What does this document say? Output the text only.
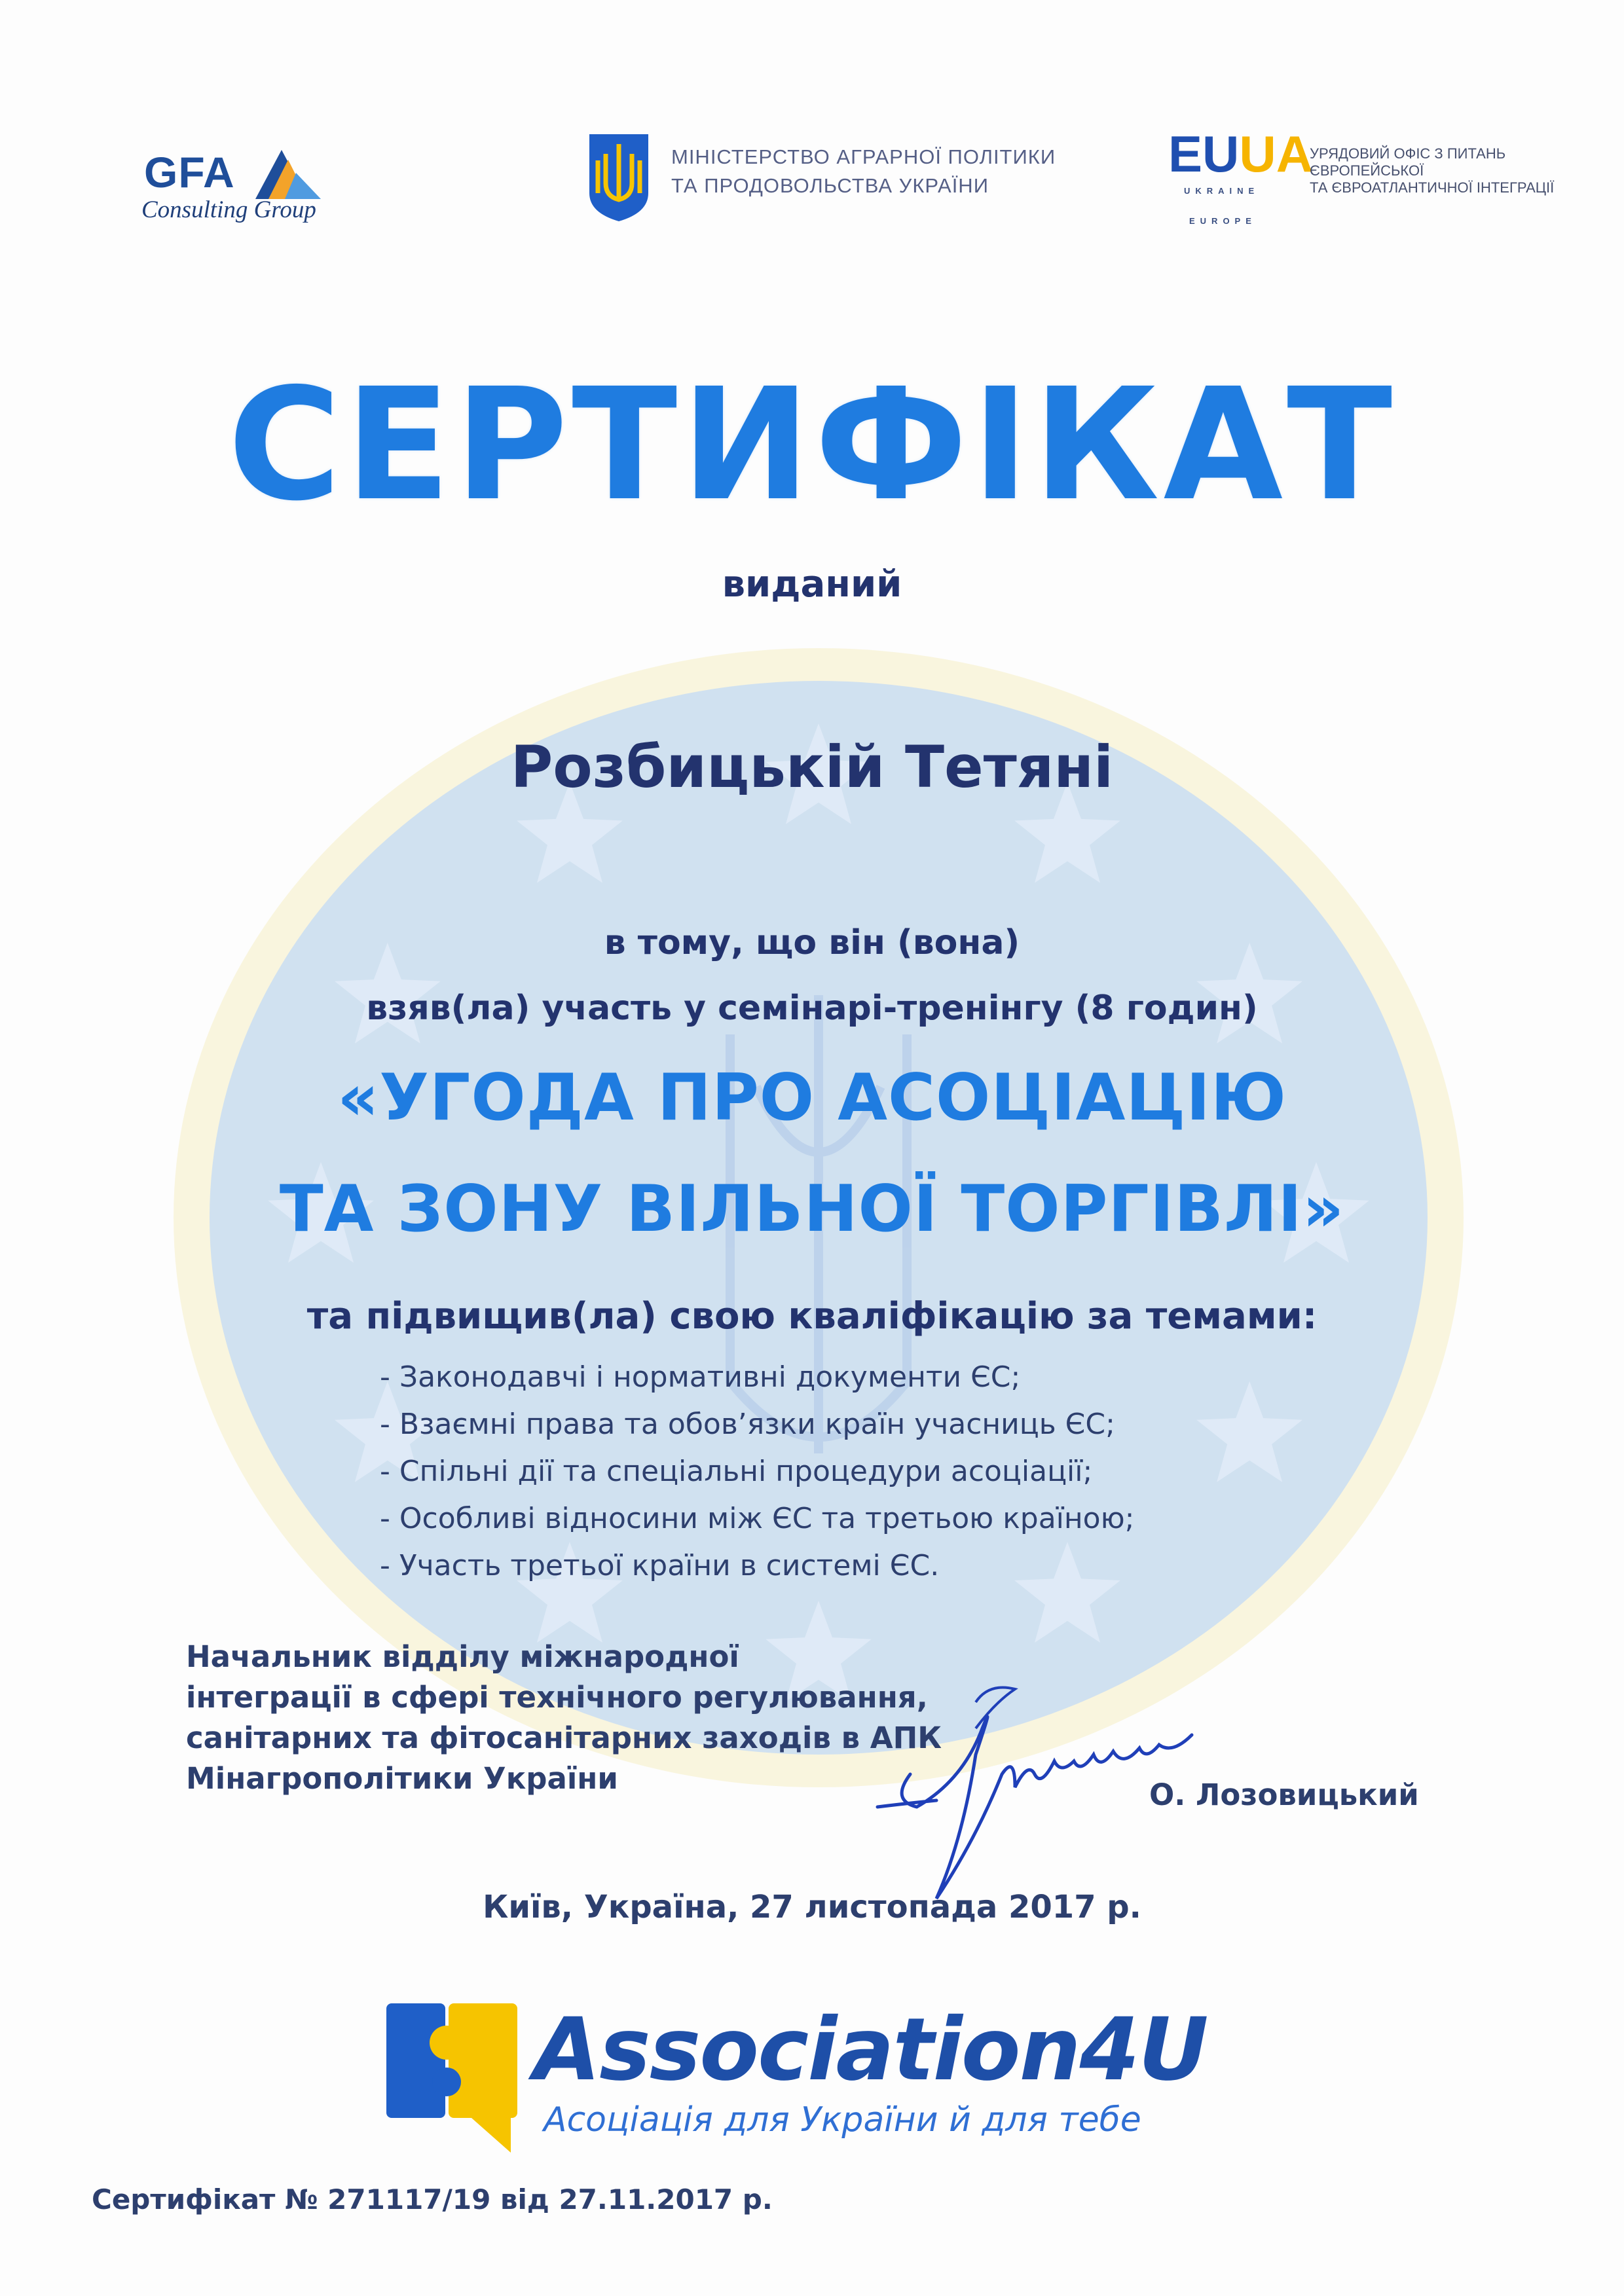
GFA
Consulting Group
МІНІСТЕРСТВО АГРАРНОЇ ПОЛІТИКИ
ТА ПРОДОВОЛЬСТВА УКРАЇНИ
EUUA
UKRAINE
EUROPE
УРЯДОВИЙ ОФІС З ПИТАНЬ
ЄВРОПЕЙСЬКОЇ
ТА ЄВРОАТЛАНТИЧНОЇ ІНТЕГРАЦІЇ
СЕРТИФІКАТ
виданий
Розбицькій Тетяні
в тому, що він (вона)
взяв(ла) участь у семінарі-тренінгу (8 годин)
«УГОДА ПРО АСОЦІАЦІЮ
ТА ЗОНУ ВІЛЬНОЇ ТОРГІВЛІ»
та підвищив(ла) свою кваліфікацію за темами:
- Законодавчі і нормативні документи ЄС;
- Взаємні права та обов’язки країн учасниць ЄС;
- Спільні дії та спеціальні процедури асоціації;
- Особливі відносини між ЄС та третьою країною;
- Участь третьої країни в системі ЄС.
Начальник відділу міжнародної
інтеграції в сфері технічного регулювання,
санітарних та фітосанітарних заходів в АПК
Мінагрополітики України	О. Лозовицький
Київ, Україна, 27 листопада 2017 р.
Association4U
Асоціація для України й для тебе
Сертифікат № 271117/19 від 27.11.2017 р.
